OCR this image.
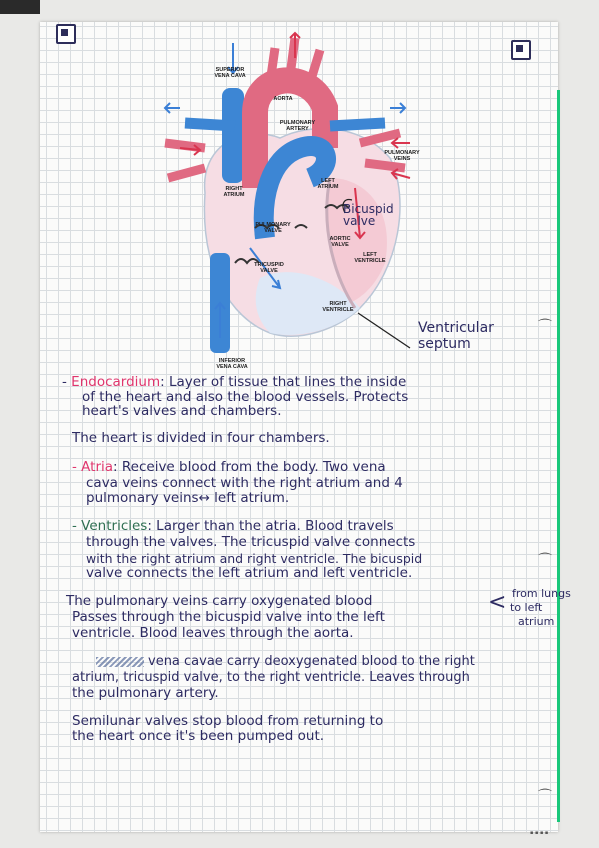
SUPERIOR VENA CAVA
AORTA
PULMONARY ARTERY
PULMONARY VEINS
RIGHT ATRIUM
LEFT ATRIUM
PULMONARY VALVE
AORTIC VALVE
TRICUSPID VALVE
LEFT VENTRICLE
RIGHT VENTRICLE
INFERIOR VENA CAVA
Bicuspid valve
Ventricular septum
- Endocardium: Layer of tissue that lines the inside
of the heart and also the blood vessels. Protects
heart's valves and chambers.
The heart is divided in four chambers.
- Atria: Receive blood from the body. Two vena
cava veins connect with the right atrium and 4
pulmonary veins↔ left atrium.
- Ventricles: Larger than the atria. Blood travels
through the valves. The tricuspid valve connects
with the right atrium and right ventricle. The bicuspid
valve connects the left atrium and left ventricle.
The pulmonary veins carry oxygenated blood
Passes through the bicuspid valve into the left
ventricle. Blood leaves through the aorta.
< from lungs
to left
atrium
vena cavae carry deoxygenated blood to the right
atrium, tricuspid valve, to the right ventricle. Leaves through
the pulmonary artery.
Semilunar valves stop blood from returning to
the heart once it's been pumped out.
⌒
⌒
⌒
▪ ▪ ▪ ▪
